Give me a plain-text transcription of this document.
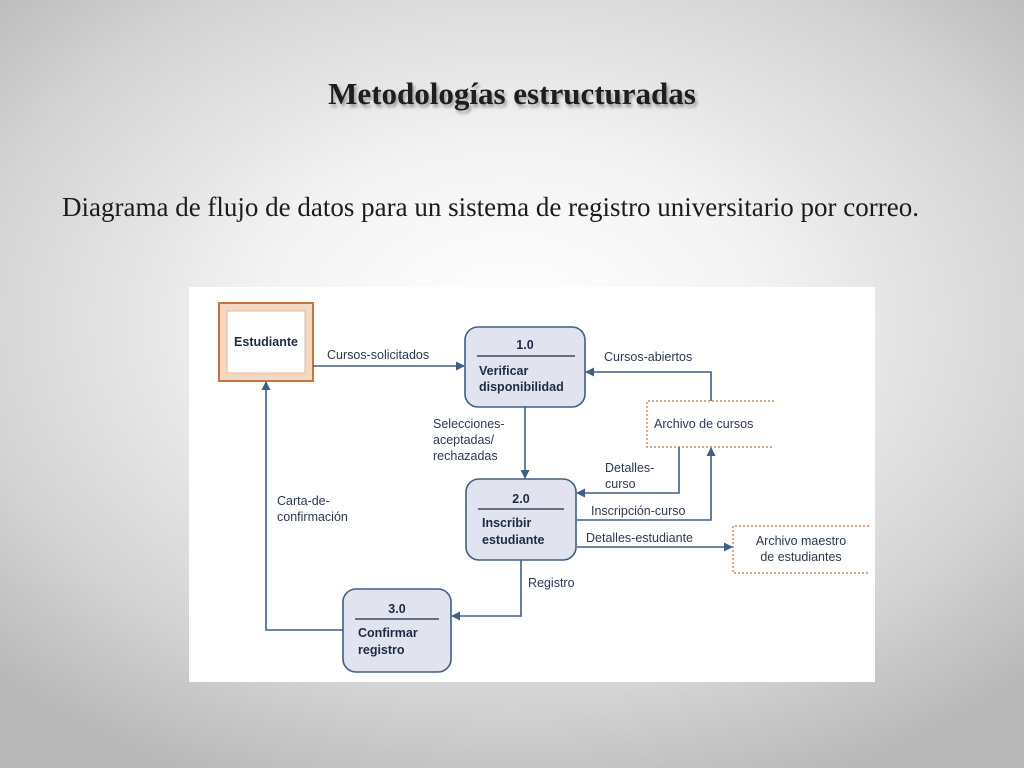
Metodologías estructuradas

Diagrama de flujo de datos para un sistema de registro universitario por correo.

Estudiante	1.0
Verificar
disponibilidad
2.0
Inscribir
estudiante
3.0
Confirmar
registro
Archivo de cursos
Archivo maestro
de estudiantes
Cursos-solicitados	Cursos-abiertos
Selecciones-
aceptadas/
rechazadas
Detalles-
curso
Inscripción-curso
Detalles-estudiante
Registro
Carta-de-
confirmación
